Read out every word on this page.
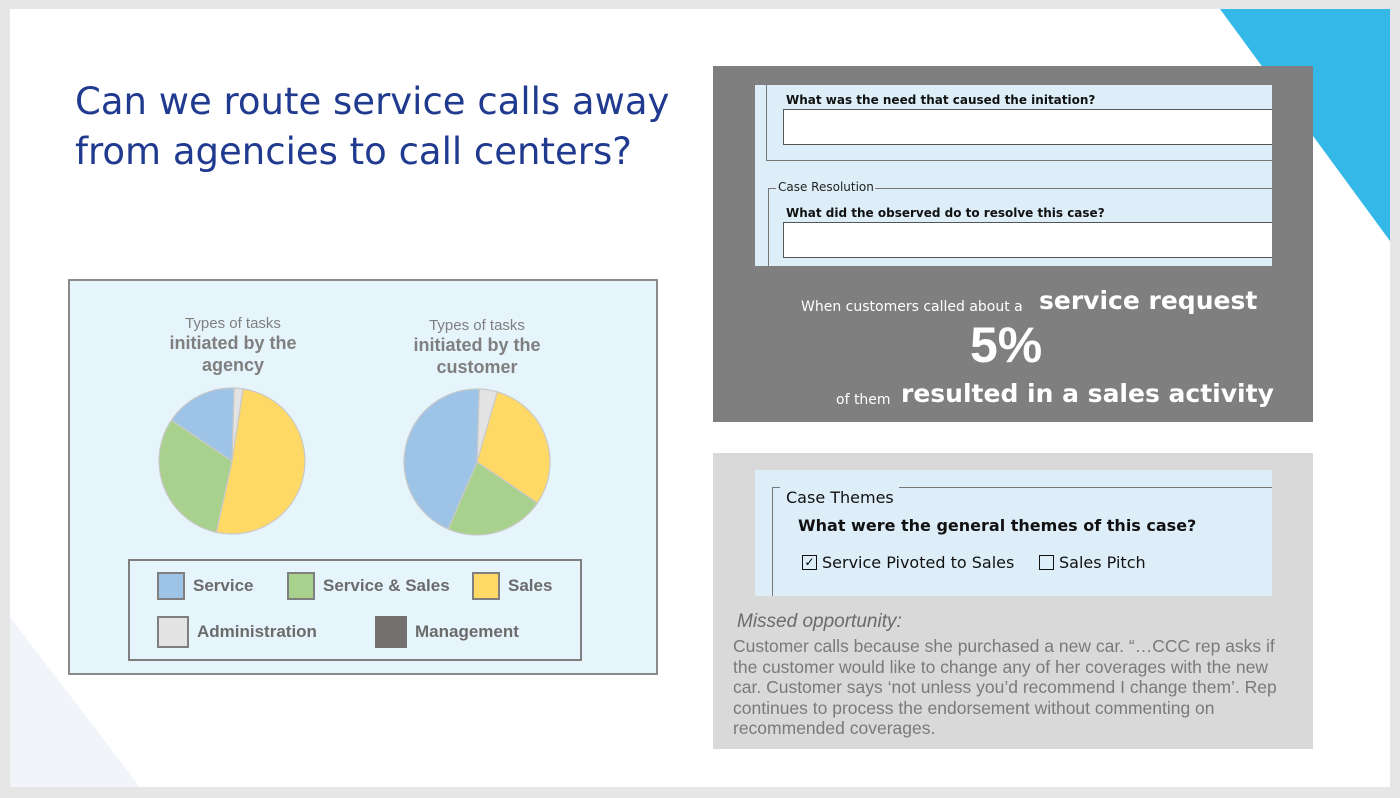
Can we route service calls away from agencies to call centers?
Types of tasks
initiated by the agency
Types of tasks
initiated by the customer
Service	Service & Sales	Sales
Administration	Management
What was the need that caused the initation?
Case Resolution
What did the observed do to resolve this case?
When customers called about a service request
5%
of them resulted in a sales activity
Case Themes
What were the general themes of this case?
✓ Service Pivoted to Sales	Sales Pitch
Missed opportunity:
Customer calls because she purchased a new car. “…CCC rep asks if the customer would like to change any of her coverages with the new car. Customer says ‘not unless you’d recommend I change them’. Rep continues to process the endorsement without commenting on recommended coverages.
